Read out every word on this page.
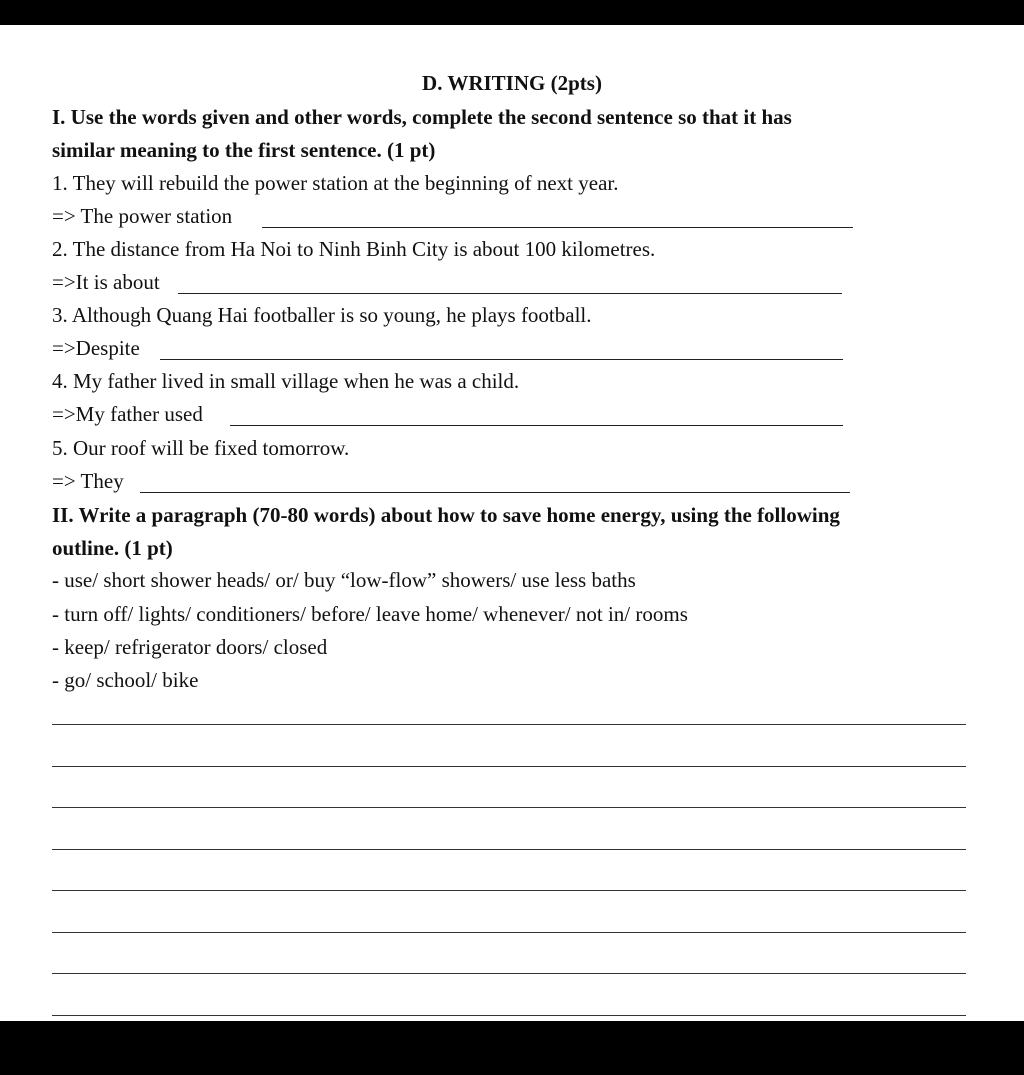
D. WRITING (2pts)
I. Use the words given and other words, complete the second sentence so that it has
similar meaning to the first sentence. (1 pt)
1. They will rebuild the power station at the beginning of next year.
=> The power station
2. The distance from Ha Noi to Ninh Binh City is about 100 kilometres.
=>It is about
3. Although Quang Hai footballer is so young, he plays football.
=>Despite
4. My father lived in small village when he was a child.
=>My father used
5. Our roof will be fixed tomorrow.
=> They
II. Write a paragraph (70-80 words) about how to save home energy, using the following
outline. (1 pt)
- use/ short shower heads/ or/ buy “low-flow” showers/ use less baths
- turn off/ lights/ conditioners/ before/ leave home/ whenever/ not in/ rooms
- keep/ refrigerator doors/ closed
- go/ school/ bike
